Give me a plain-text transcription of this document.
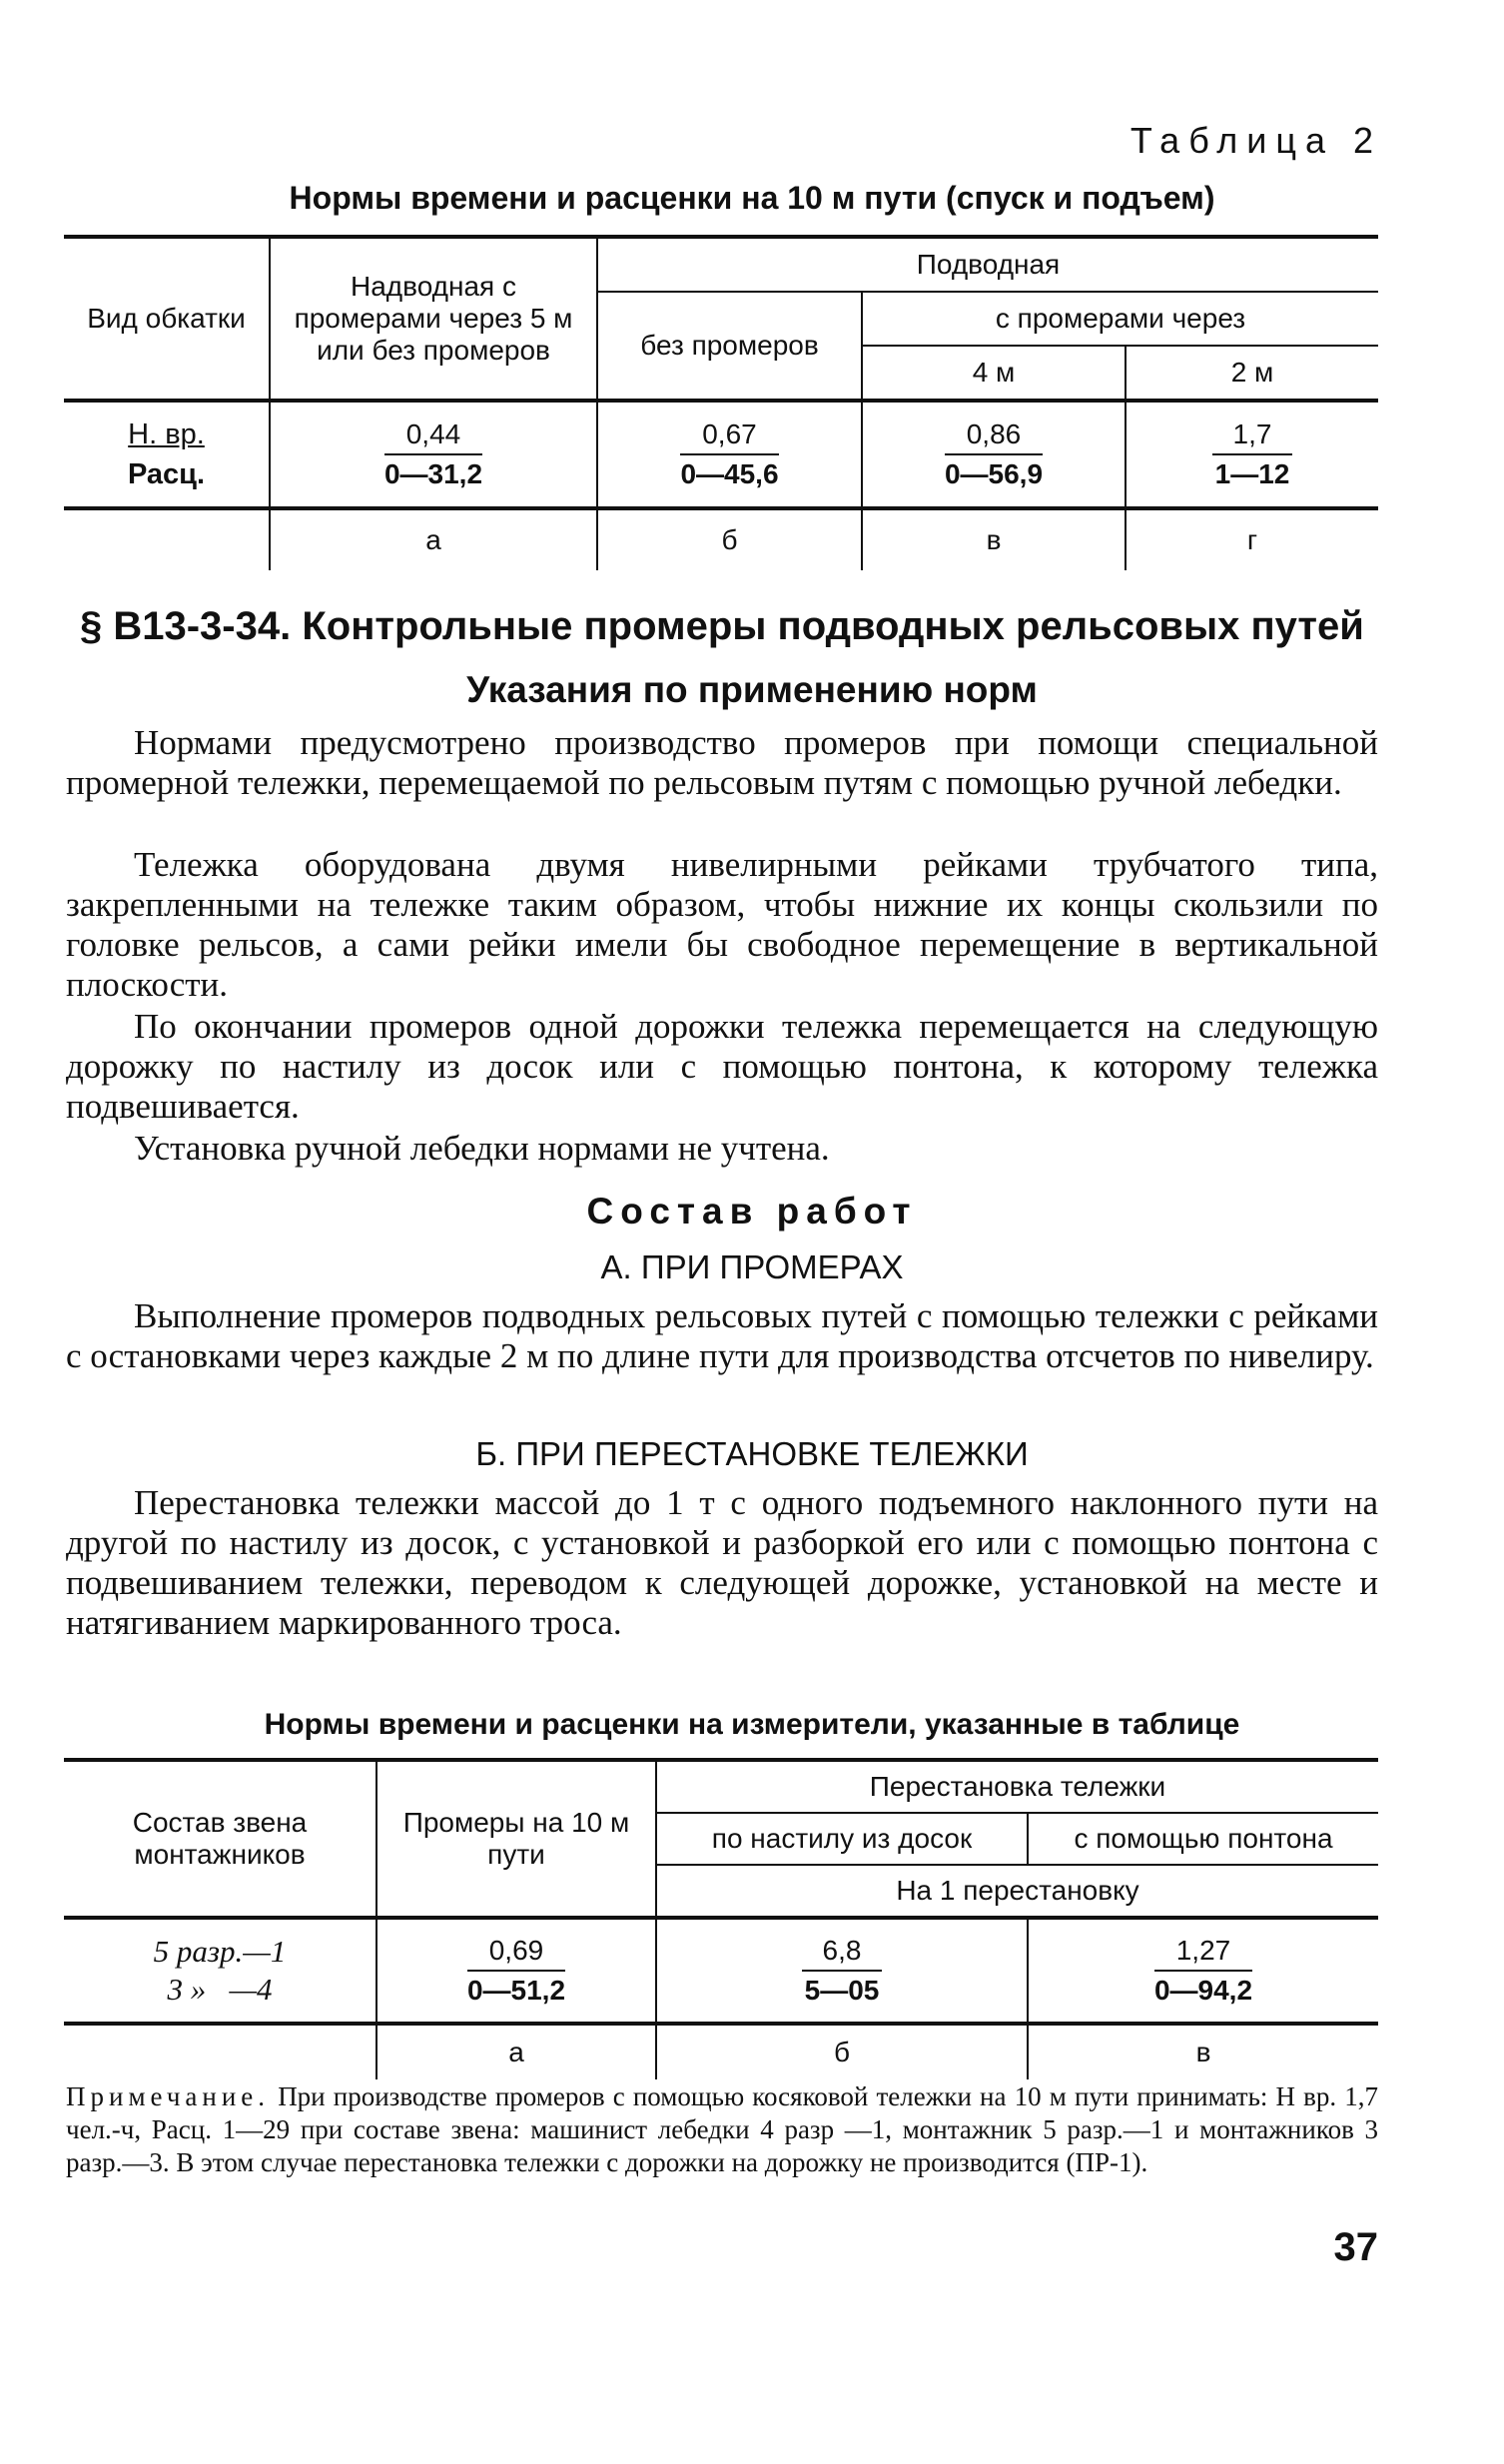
Таблица 2
Нормы времени и расценки на 10 м пути (спуск и подъем)
Вид обкатки	Надводная с промерами через 5 м или без промеров	Подводная		
		без промеров	с промерами через	
			4 м	2 м
Н. вр.
Расц.	$\frac{0,44}{0—31,2}$	$\frac{0,67}{0—45,6}$	$\frac{0,86}{0—56,9}$	$\frac{1,7}{1—12}$

	а	б	в	г
§ В13-3-34. Контрольные промеры подводных рельсовых путей
Указания по применению норм

Нормами предусмотрено производство промеров при помощи специальной промерной тележки, перемещаемой по рельсовым путям с помощью ручной лебедки.

Тележка оборудована двумя нивелирными рейками трубчатого типа, закрепленными на тележке таким образом, чтобы нижние их концы скользили по головке рельсов, а сами рейки имели бы свободное перемещение в вертикальной плоскости.

По окончании промеров одной дорожки тележка перемещается на следующую дорожку по настилу из досок или с помощью понтона, к которому тележка подвешивается.

Установка ручной лебедки нормами не учтена.

Состав работ
А. ПРИ ПРОМЕРАХ

Выполнение промеров подводных рельсовых путей с помощью тележки с рейками с остановками через каждые 2 м по длине пути для производства отсчетов по нивелиру.

Б. ПРИ ПЕРЕСТАНОВКЕ ТЕЛЕЖКИ

Перестановка тележки массой до 1 т с одного подъемного наклонного пути на другой по настилу из досок, с установкой и разборкой его или с помощью понтона с подвешиванием тележки, переводом к следующей дорожке, установкой на месте и натягиванием маркированного троса.

Нормы времени и расценки на измерители, указанные в таблице
Состав звена монтажников	Промеры на 10 м пути	Перестановка тележки	
		по настилу из досок	с помощью понтона
		На 1 перестановку	
5 разр.—1
3 »   —4	$\frac{0,69}{0—51,2}$	$\frac{6,8}{5—05}$	$\frac{1,27}{0—94,2}$

	а	б	в

Примечание. При производстве промеров с помощью косяковой тележки на 10 м пути принимать: Н вр. 1,7 чел.-ч, Расц. 1—29 при составе звена: машинист лебедки 4 разр —1, монтажник 5 разр.—1 и монтажников 3 разр.—3. В этом случае перестановка тележки с дорожки на дорожку не производится (ПР-1).

37
